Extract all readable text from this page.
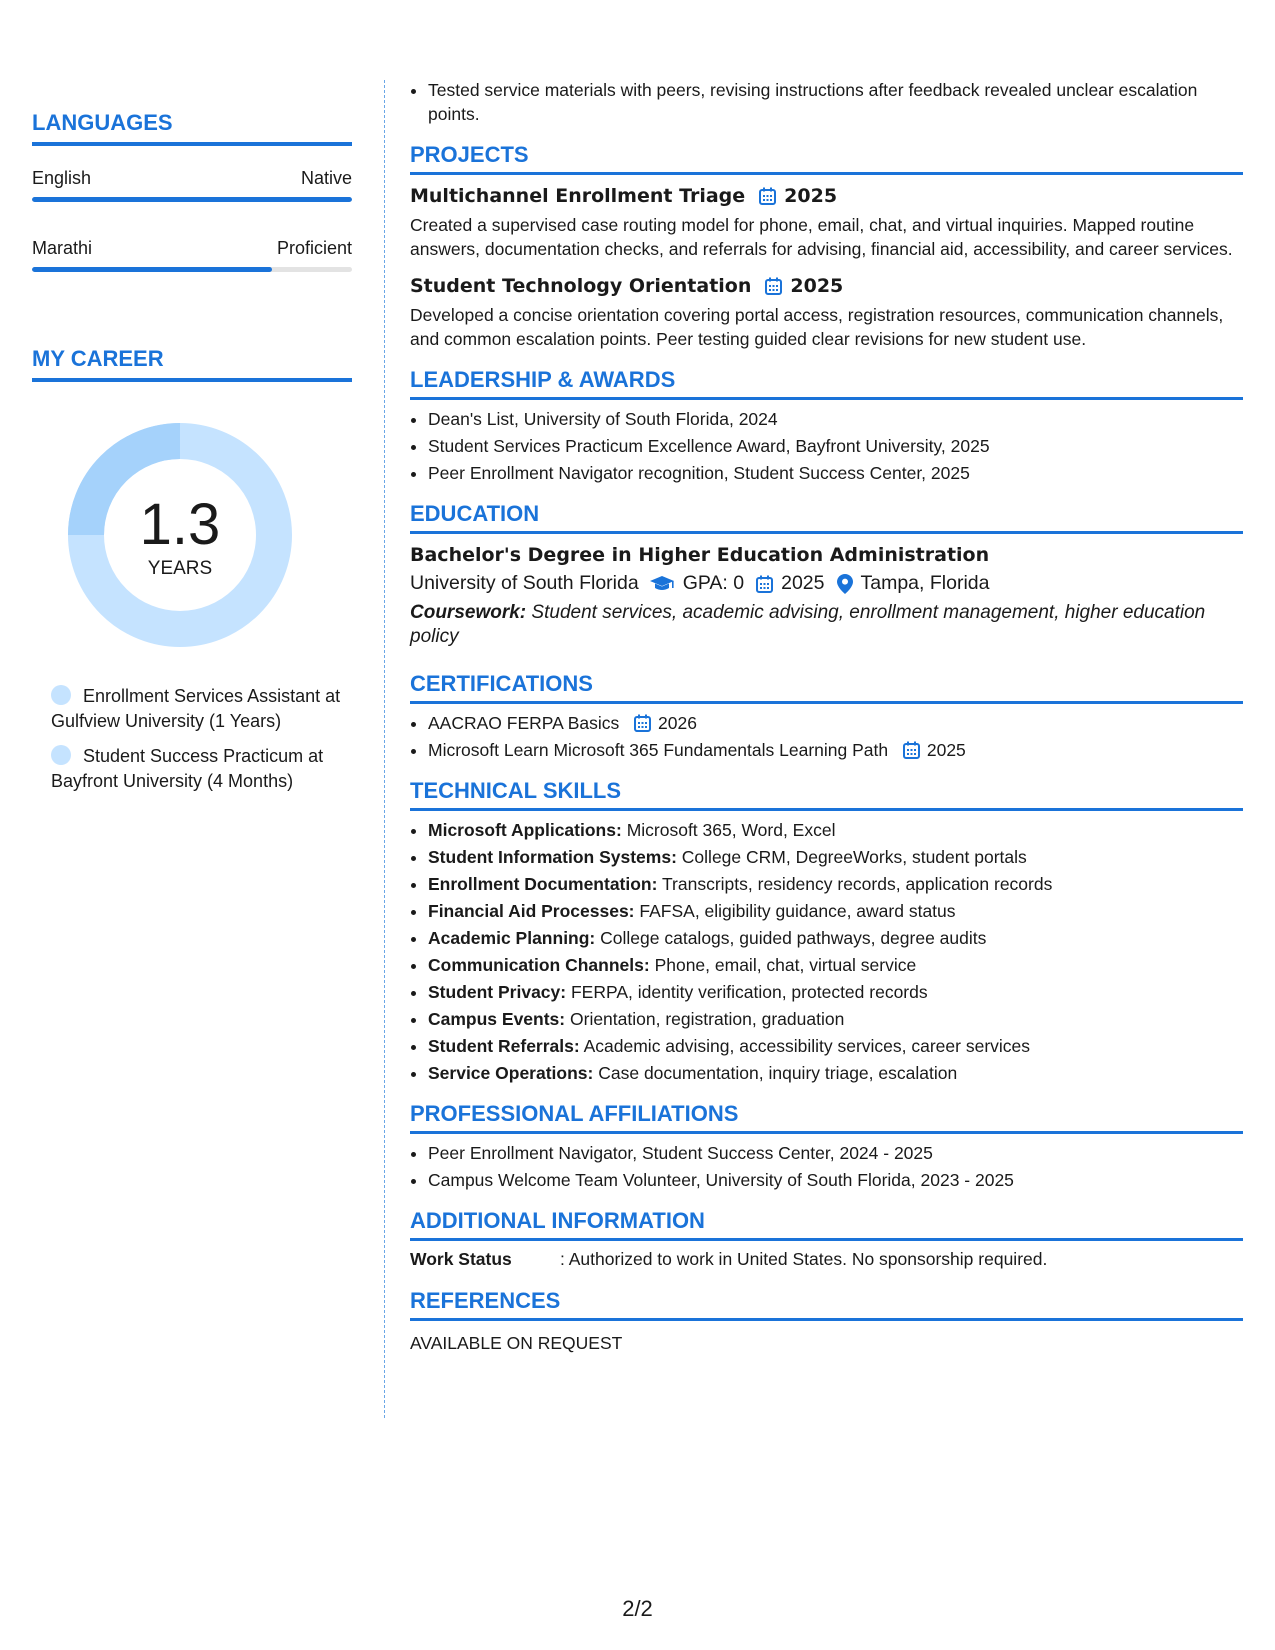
LANGUAGES
English	Native
Marathi	Proficient
MY CAREER
1.3
YEARS
Enrollment Services Assistant at Gulfview University (1 Years)
Student Success Practicum at Bayfront University (4 Months)
• Tested service materials with peers, revising instructions after feedback revealed unclear escalation points.
PROJECTS
Multichannel Enrollment Triage 2025
Created a supervised case routing model for phone, email, chat, and virtual inquiries. Mapped routine answers, documentation checks, and referrals for advising, financial aid, accessibility, and career services.
Student Technology Orientation 2025
Developed a concise orientation covering portal access, registration resources, communication channels, and common escalation points. Peer testing guided clear revisions for new student use.
LEADERSHIP & AWARDS
• Dean's List, University of South Florida, 2024
• Student Services Practicum Excellence Award, Bayfront University, 2025
• Peer Enrollment Navigator recognition, Student Success Center, 2025
EDUCATION
Bachelor's Degree in Higher Education Administration
University of South Florida GPA: 0 2025 Tampa, Florida
Coursework: Student services, academic advising, enrollment management, higher education policy
CERTIFICATIONS
• AACRAO FERPA Basics 2026
• Microsoft Learn Microsoft 365 Fundamentals Learning Path 2025
TECHNICAL SKILLS
• Microsoft Applications: Microsoft 365, Word, Excel
• Student Information Systems: College CRM, DegreeWorks, student portals
• Enrollment Documentation: Transcripts, residency records, application records
• Financial Aid Processes: FAFSA, eligibility guidance, award status
• Academic Planning: College catalogs, guided pathways, degree audits
• Communication Channels: Phone, email, chat, virtual service
• Student Privacy: FERPA, identity verification, protected records
• Campus Events: Orientation, registration, graduation
• Student Referrals: Academic advising, accessibility services, career services
• Service Operations: Case documentation, inquiry triage, escalation
PROFESSIONAL AFFILIATIONS
• Peer Enrollment Navigator, Student Success Center, 2024 - 2025
• Campus Welcome Team Volunteer, University of South Florida, 2023 - 2025
ADDITIONAL INFORMATION
Work Status	: Authorized to work in United States. No sponsorship required.
REFERENCES
AVAILABLE ON REQUEST
2/2
